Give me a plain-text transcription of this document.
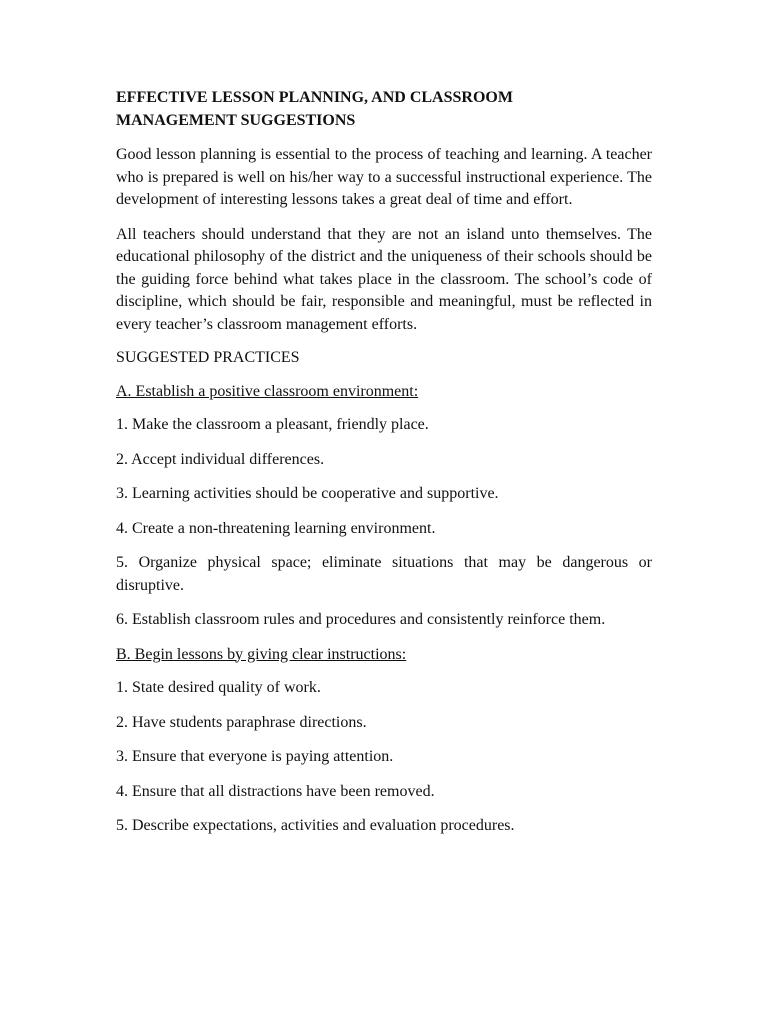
EFFECTIVE LESSON PLANNING, AND CLASSROOM
MANAGEMENT SUGGESTIONS

Good lesson planning is essential to the process of teaching and learning. A teacher who is prepared is well on his/her way to a successful instructional experience. The development of interesting lessons takes a great deal of time and effort.

All teachers should understand that they are not an island unto themselves. The educational philosophy of the district and the uniqueness of their schools should be the guiding force behind what takes place in the classroom. The school’s code of discipline, which should be fair, responsible and meaningful, must be reflected in every teacher’s classroom management efforts.

SUGGESTED PRACTICES
A. Establish a positive classroom environment:
1. Make the classroom a pleasant, friendly place.
2. Accept individual differences.
3. Learning activities should be cooperative and supportive.
4. Create a non-threatening learning environment.
5. Organize physical space; eliminate situations that may be dangerous or disruptive.
6. Establish classroom rules and procedures and consistently reinforce them.
B. Begin lessons by giving clear instructions:
1. State desired quality of work.
2. Have students paraphrase directions.
3. Ensure that everyone is paying attention.
4. Ensure that all distractions have been removed.
5. Describe expectations, activities and evaluation procedures.
